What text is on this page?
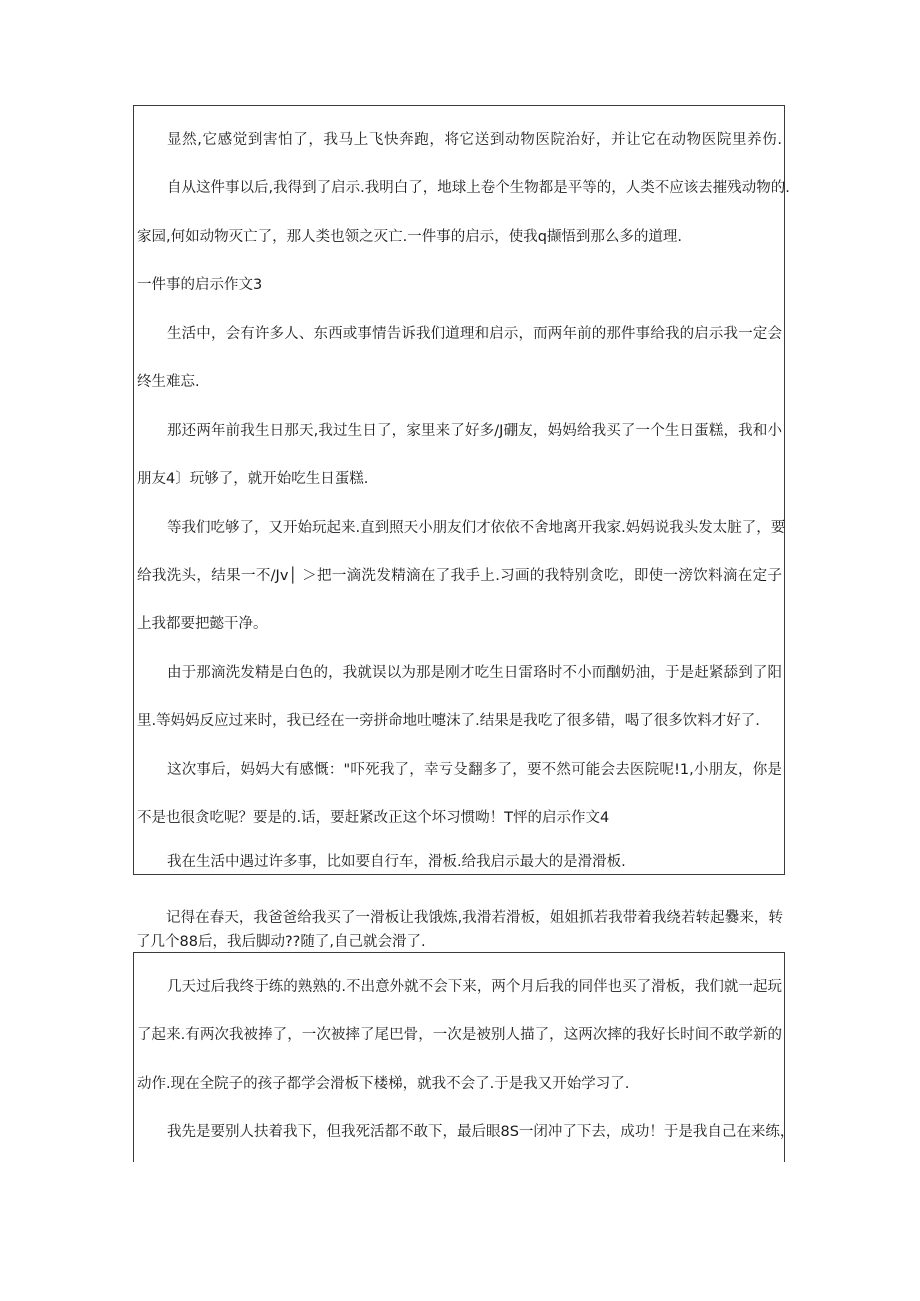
显然,它感觉到害怕了，我马上飞快奔跑，将它送到动物医院治好，并让它在动物医院里养伤.
自从这件事以后,我得到了启示.我明白了，地球上卷个生物都是平等的，人类不应该去摧残动物的.
家园,何如动物灭亡了，那人类也领之灭亡.一件事的启示，使我q撷悟到那么多的道理.
一件事的启示作文3
生活中，会有许多人、东西或事情告诉我们道理和启示，而两年前的那件事给我的启示我一定会
终生难忘.
那还两年前我生日那天,我过生日了，家里来了好多/J硼友，妈妈给我买了一个生日蛋糕，我和小
朋友4〕玩够了，就开始吃生日蛋糕.
等我们吃够了，又开始玩起来.直到照天小朋友们才依依不舍地离开我家.妈妈说我头发太脏了，要
给我洗头，结果一不/Jv│ ＞把一滴洗发精滴在了我手上.习画的我特别贪吃，即使一滂饮料滴在定子
上我都要把懿干净。
由于那滴洗发精是白色的，我就误以为那是刚才吃生日雷珞时不小而酗奶油，于是赶紧舔到了阳
里.等妈妈反应过来时，我已经在一旁拼命地吐嚏沫了.结果是我吃了很多错，喝了很多饮料才好了.
这次事后，妈妈大有感慨："吓死我了，幸亏殳翻多了，要不然可能会去医院呢!1,小朋友，你是
不是也很贪吃呢？要是的.话，要赶紧改正这个坏习惯呦！T怦的启示作文4
我在生活中遇过许多事，比如要自行车，滑板.给我启示最大的是滑滑板.
记得在春天，我爸爸给我买了一滑板让我饿炼,我滑若滑板，姐姐抓若我带着我绕若转起爨来，转
了几个88后，我后脚动??随了,自己就会滑了.
几天过后我终于练的熟熟的.不出意外就不会下来，两个月后我的同伴也买了滑板，我们就一起玩
了起来.有两次我被捧了，一次被摔了尾巴骨，一次是被别人描了，这两次摔的我好长时间不敢学新的
动作.现在全院子的孩子都学会滑板下楼梯，就我不会了.于是我又开始学习了.
我先是要别人扶着我下，但我死活都不敢下，最后眼8S一闭冲了下去，成功！于是我自己在来练，
